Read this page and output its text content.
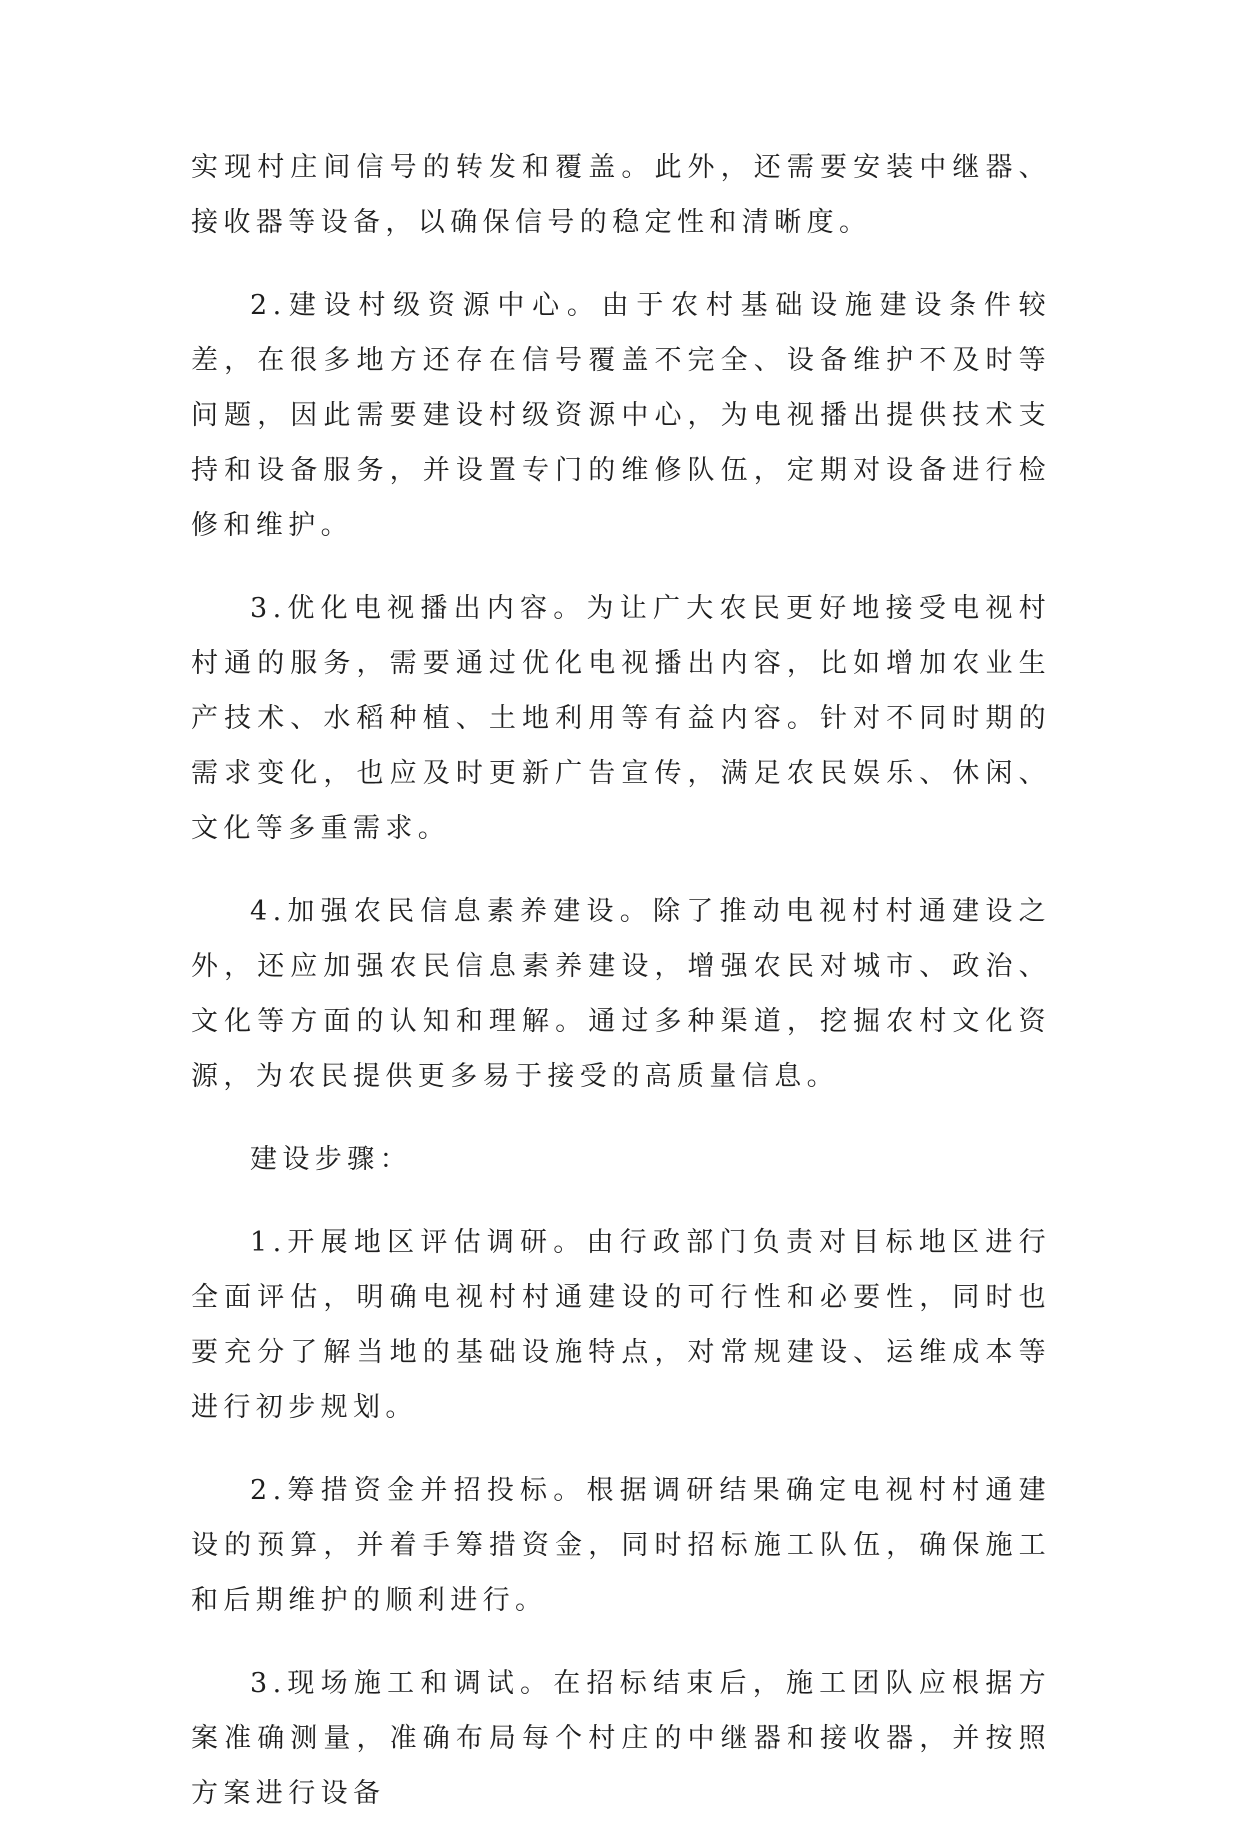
实现村庄间信号的转发和覆盖。此外，还需要安装中继器、接收器等设备，以确保信号的稳定性和清晰度。

2.建设村级资源中心。由于农村基础设施建设条件较差，在很多地方还存在信号覆盖不完全、设备维护不及时等问题，因此需要建设村级资源中心，为电视播出提供技术支持和设备服务，并设置专门的维修队伍，定期对设备进行检修和维护。

3.优化电视播出内容。为让广大农民更好地接受电视村村通的服务，需要通过优化电视播出内容，比如增加农业生产技术、水稻种植、土地利用等有益内容。针对不同时期的需求变化，也应及时更新广告宣传，满足农民娱乐、休闲、文化等多重需求。

4.加强农民信息素养建设。除了推动电视村村通建设之外，还应加强农民信息素养建设，增强农民对城市、政治、文化等方面的认知和理解。通过多种渠道，挖掘农村文化资源，为农民提供更多易于接受的高质量信息。

建设步骤：

1.开展地区评估调研。由行政部门负责对目标地区进行全面评估，明确电视村村通建设的可行性和必要性，同时也要充分了解当地的基础设施特点，对常规建设、运维成本等进行初步规划。

2.筹措资金并招投标。根据调研结果确定电视村村通建设的预算，并着手筹措资金，同时招标施工队伍，确保施工和后期维护的顺利进行。

3.现场施工和调试。在招标结束后，施工团队应根据方案准确测量，准确布局每个村庄的中继器和接收器，并按照方案进行设备
